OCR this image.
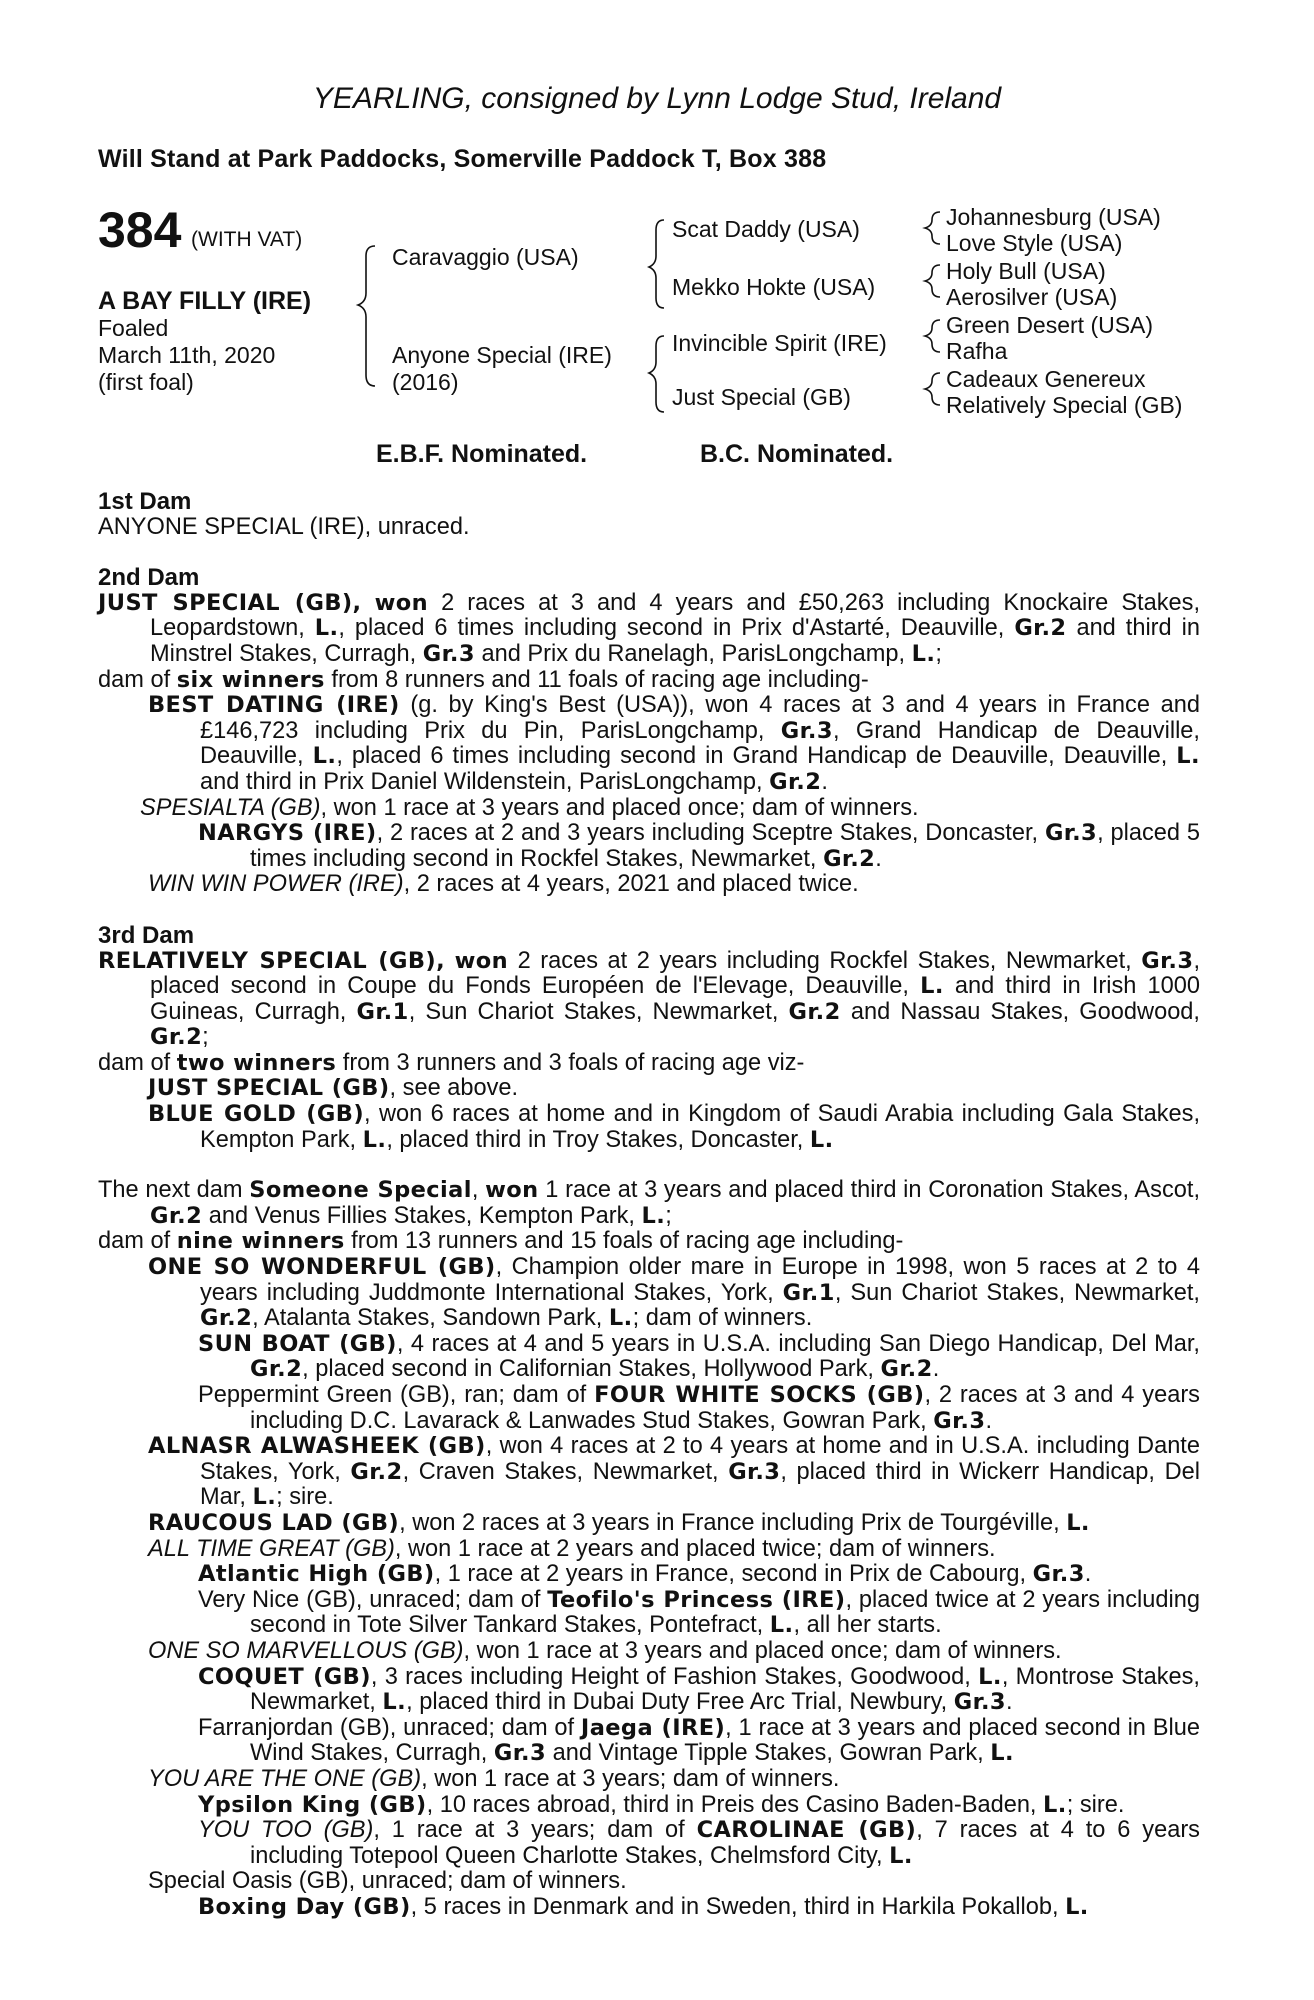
YEARLING, consigned by Lynn Lodge Stud, Ireland
Will Stand at Park Paddocks, Somerville Paddock T, Box 388
384 (WITH VAT)
A BAY FILLY (IRE)
Foaled
March 11th, 2020
(first foal)
Caravaggio (USA)
Anyone Special (IRE)
(2016)
Scat Daddy (USA)
Mekko Hokte (USA)
Invincible Spirit (IRE)
Just Special (GB)
Johannesburg (USA)
Love Style (USA)
Holy Bull (USA)
Aerosilver (USA)
Green Desert (USA)
Rafha
Cadeaux Genereux
Relatively Special (GB)
E.B.F. Nominated.	B.C. Nominated.

1st Dam

ANYONE SPECIAL (IRE), unraced.

2nd Dam

JUST SPECIAL (GB), won 2 races at 3 and 4 years and £50,263 including Knockaire Stakes, Leopardstown, L., placed 6 times including second in Prix d'Astarté, Deauville, Gr.2 and third in Minstrel Stakes, Curragh, Gr.3 and Prix du Ranelagh, ParisLongchamp, L.;

dam of six winners from 8 runners and 11 foals of racing age including-

BEST DATING (IRE) (g. by King's Best (USA)), won 4 races at 3 and 4 years in France and £146,723 including Prix du Pin, ParisLongchamp, Gr.3, Grand Handicap de Deauville, Deauville, L., placed 6 times including second in Grand Handicap de Deauville, Deauville, L. and third in Prix Daniel Wildenstein, ParisLongchamp, Gr.2.

SPESIALTA (GB), won 1 race at 3 years and placed once; dam of winners.

NARGYS (IRE), 2 races at 2 and 3 years including Sceptre Stakes, Doncaster, Gr.3, placed 5 times including second in Rockfel Stakes, Newmarket, Gr.2.

WIN WIN POWER (IRE), 2 races at 4 years, 2021 and placed twice.

3rd Dam

RELATIVELY SPECIAL (GB), won 2 races at 2 years including Rockfel Stakes, Newmarket, Gr.3, placed second in Coupe du Fonds Européen de l'Elevage, Deauville, L. and third in Irish 1000 Guineas, Curragh, Gr.1, Sun Chariot Stakes, Newmarket, Gr.2 and Nassau Stakes, Goodwood, Gr.2;

dam of two winners from 3 runners and 3 foals of racing age viz-

JUST SPECIAL (GB), see above.

BLUE GOLD (GB), won 6 races at home and in Kingdom of Saudi Arabia including Gala Stakes, Kempton Park, L., placed third in Troy Stakes, Doncaster, L.

The next dam Someone Special, won 1 race at 3 years and placed third in Coronation Stakes, Ascot, Gr.2 and Venus Fillies Stakes, Kempton Park, L.;

dam of nine winners from 13 runners and 15 foals of racing age including-

ONE SO WONDERFUL (GB), Champion older mare in Europe in 1998, won 5 races at 2 to 4 years including Juddmonte International Stakes, York, Gr.1, Sun Chariot Stakes, Newmarket, Gr.2, Atalanta Stakes, Sandown Park, L.; dam of winners.

SUN BOAT (GB), 4 races at 4 and 5 years in U.S.A. including San Diego Handicap, Del Mar, Gr.2, placed second in Californian Stakes, Hollywood Park, Gr.2.

Peppermint Green (GB), ran; dam of FOUR WHITE SOCKS (GB), 2 races at 3 and 4 years including D.C. Lavarack & Lanwades Stud Stakes, Gowran Park, Gr.3.

ALNASR ALWASHEEK (GB), won 4 races at 2 to 4 years at home and in U.S.A. including Dante Stakes, York, Gr.2, Craven Stakes, Newmarket, Gr.3, placed third in Wickerr Handicap, Del Mar, L.; sire.

RAUCOUS LAD (GB), won 2 races at 3 years in France including Prix de Tourgéville, L.

ALL TIME GREAT (GB), won 1 race at 2 years and placed twice; dam of winners.

Atlantic High (GB), 1 race at 2 years in France, second in Prix de Cabourg, Gr.3.

Very Nice (GB), unraced; dam of Teofilo's Princess (IRE), placed twice at 2 years including second in Tote Silver Tankard Stakes, Pontefract, L., all her starts.

ONE SO MARVELLOUS (GB), won 1 race at 3 years and placed once; dam of winners.

COQUET (GB), 3 races including Height of Fashion Stakes, Goodwood, L., Montrose Stakes, Newmarket, L., placed third in Dubai Duty Free Arc Trial, Newbury, Gr.3.

Farranjordan (GB), unraced; dam of Jaega (IRE), 1 race at 3 years and placed second in Blue Wind Stakes, Curragh, Gr.3 and Vintage Tipple Stakes, Gowran Park, L.

YOU ARE THE ONE (GB), won 1 race at 3 years; dam of winners.

Ypsilon King (GB), 10 races abroad, third in Preis des Casino Baden-Baden, L.; sire.

YOU TOO (GB), 1 race at 3 years; dam of CAROLINAE (GB), 7 races at 4 to 6 years including Totepool Queen Charlotte Stakes, Chelmsford City, L.

Special Oasis (GB), unraced; dam of winners.

Boxing Day (GB), 5 races in Denmark and in Sweden, third in Harkila Pokallob, L.
